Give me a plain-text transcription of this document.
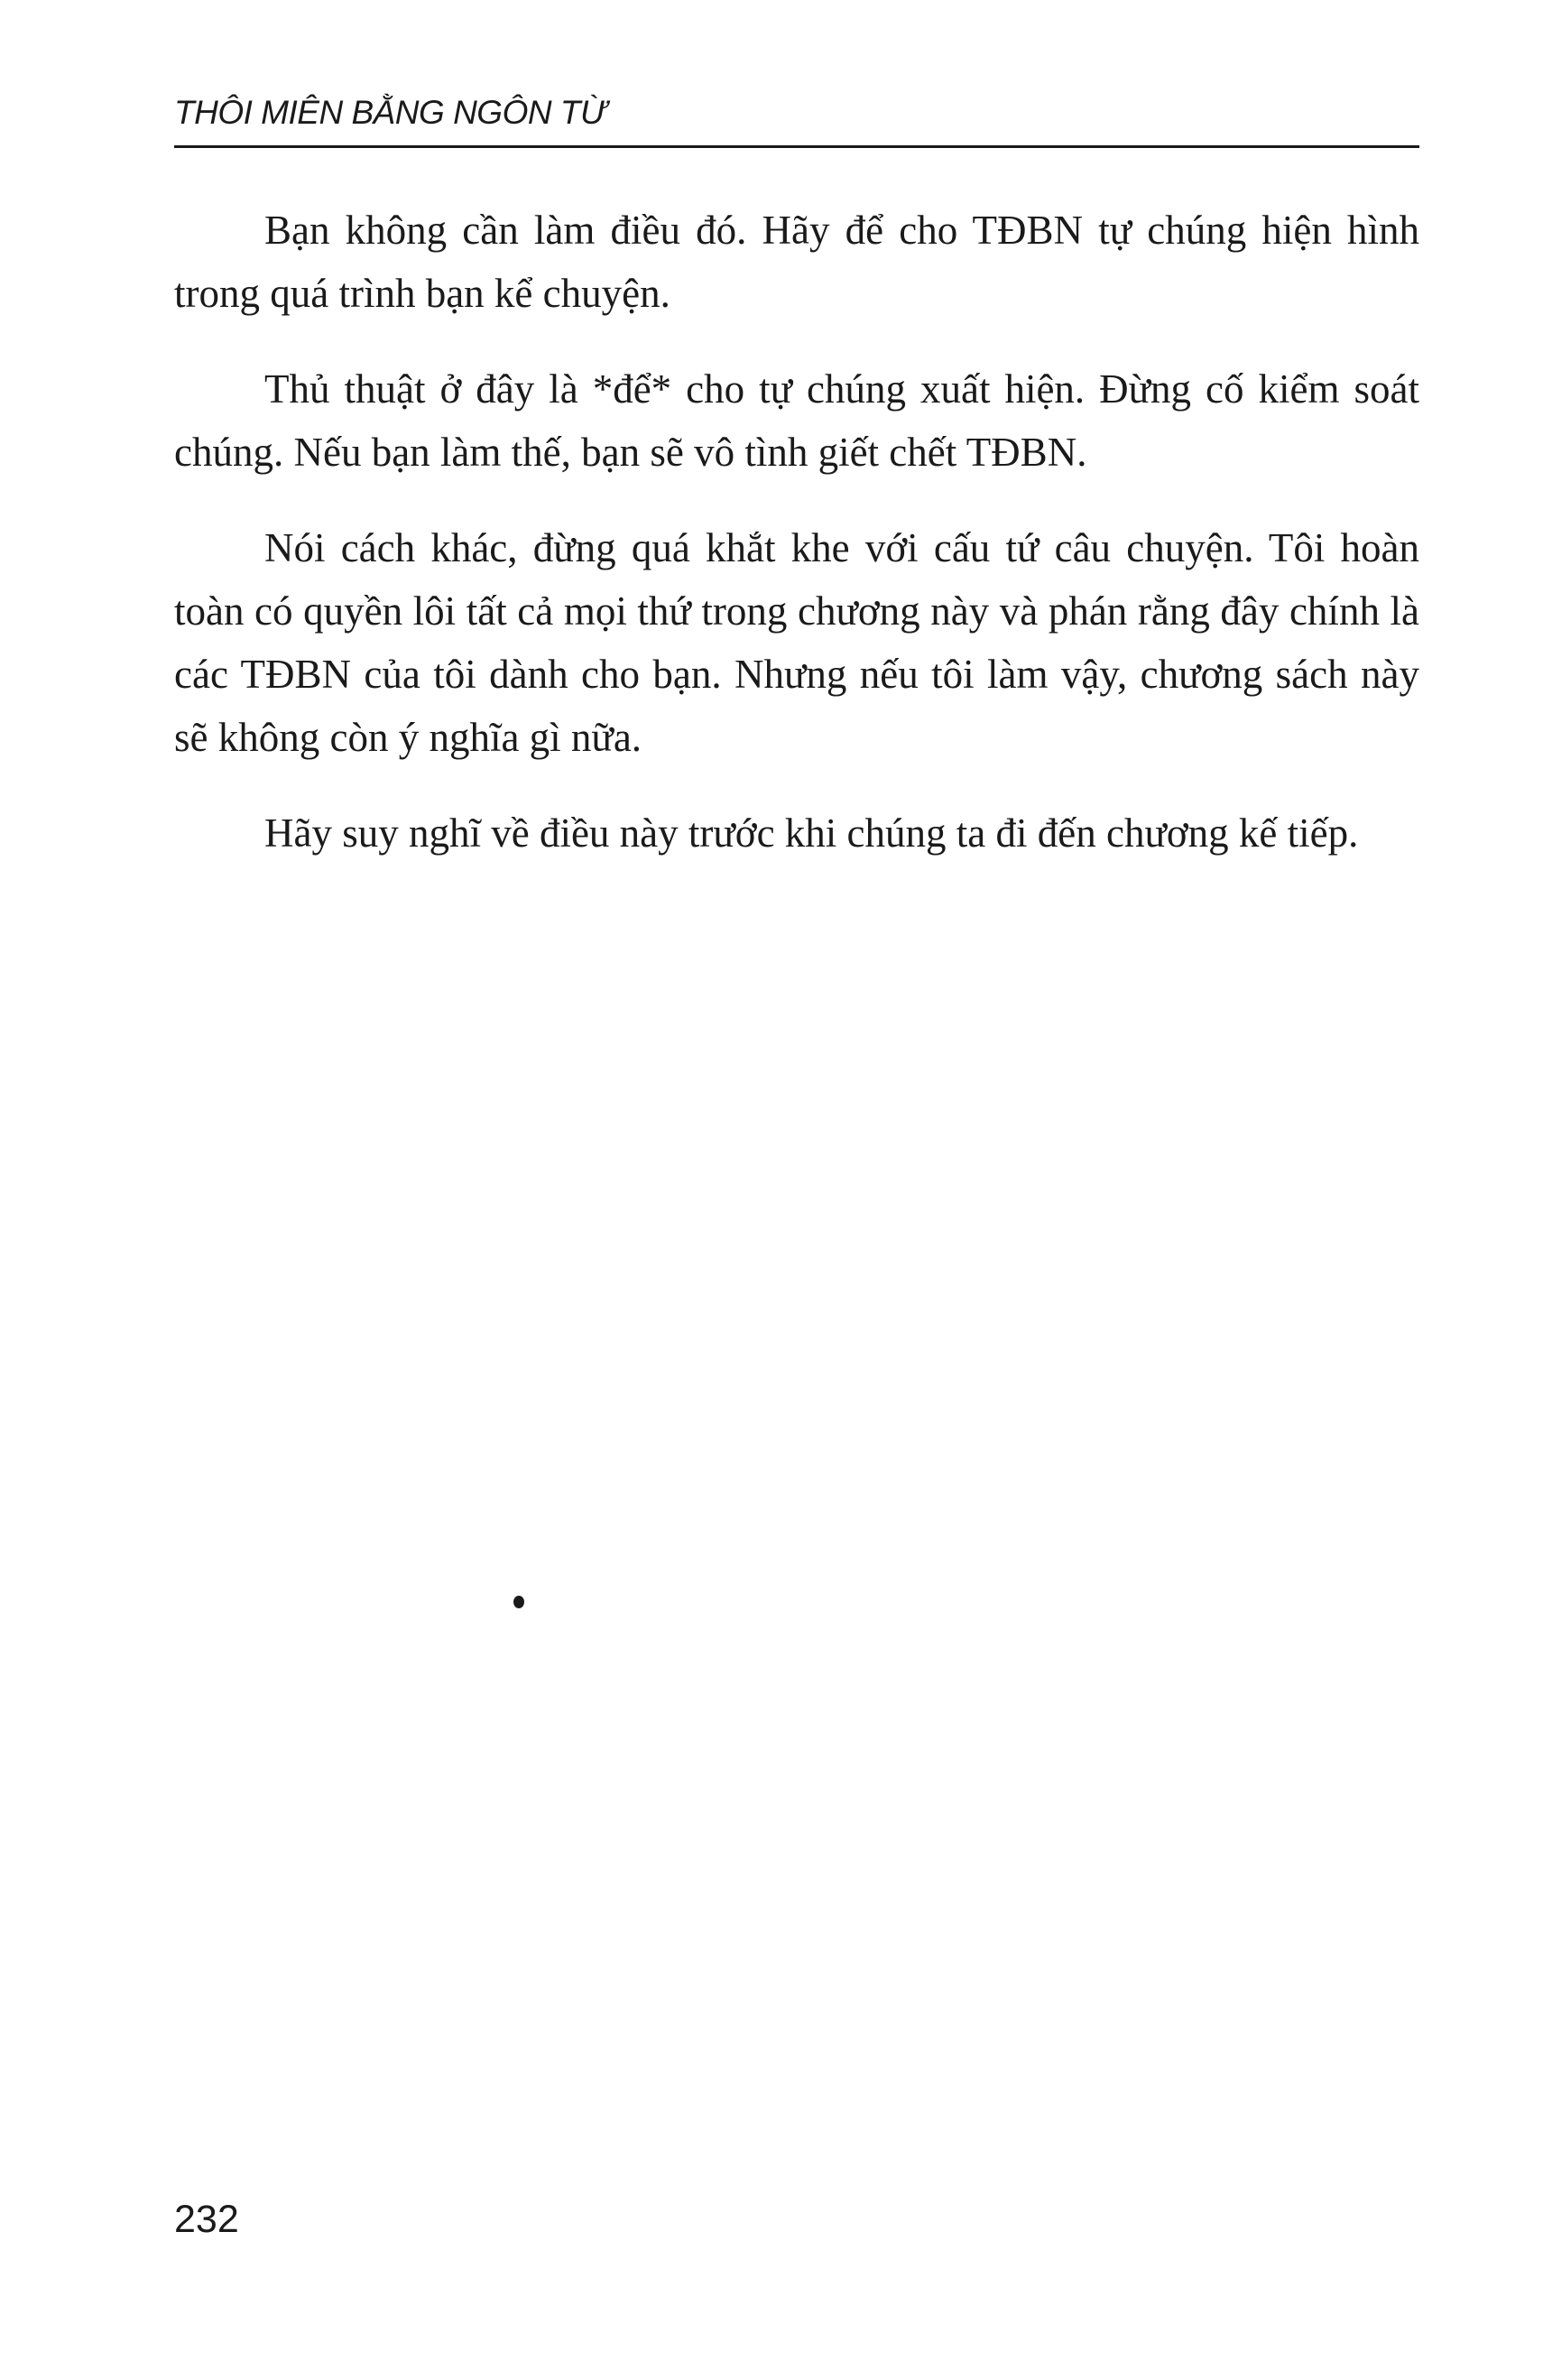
THÔI MIÊN BẰNG NGÔN TỪ

Bạn không cần làm điều đó. Hãy để cho TĐBN tự chúng hiện hình trong quá trình bạn kể chuyện.

Thủ thuật ở đây là *để* cho tự chúng xuất hiện. Đừng cố kiểm soát chúng. Nếu bạn làm thế, bạn sẽ vô tình giết chết TĐBN.

Nói cách khác, đừng quá khắt khe với cấu tứ câu chuyện. Tôi hoàn toàn có quyền lôi tất cả mọi thứ trong chương này và phán rằng đây chính là các TĐBN của tôi dành cho bạn. Nhưng nếu tôi làm vậy, chương sách này sẽ không còn ý nghĩa gì nữa.

Hãy suy nghĩ về điều này trước khi chúng ta đi đến chương kế tiếp.

232
